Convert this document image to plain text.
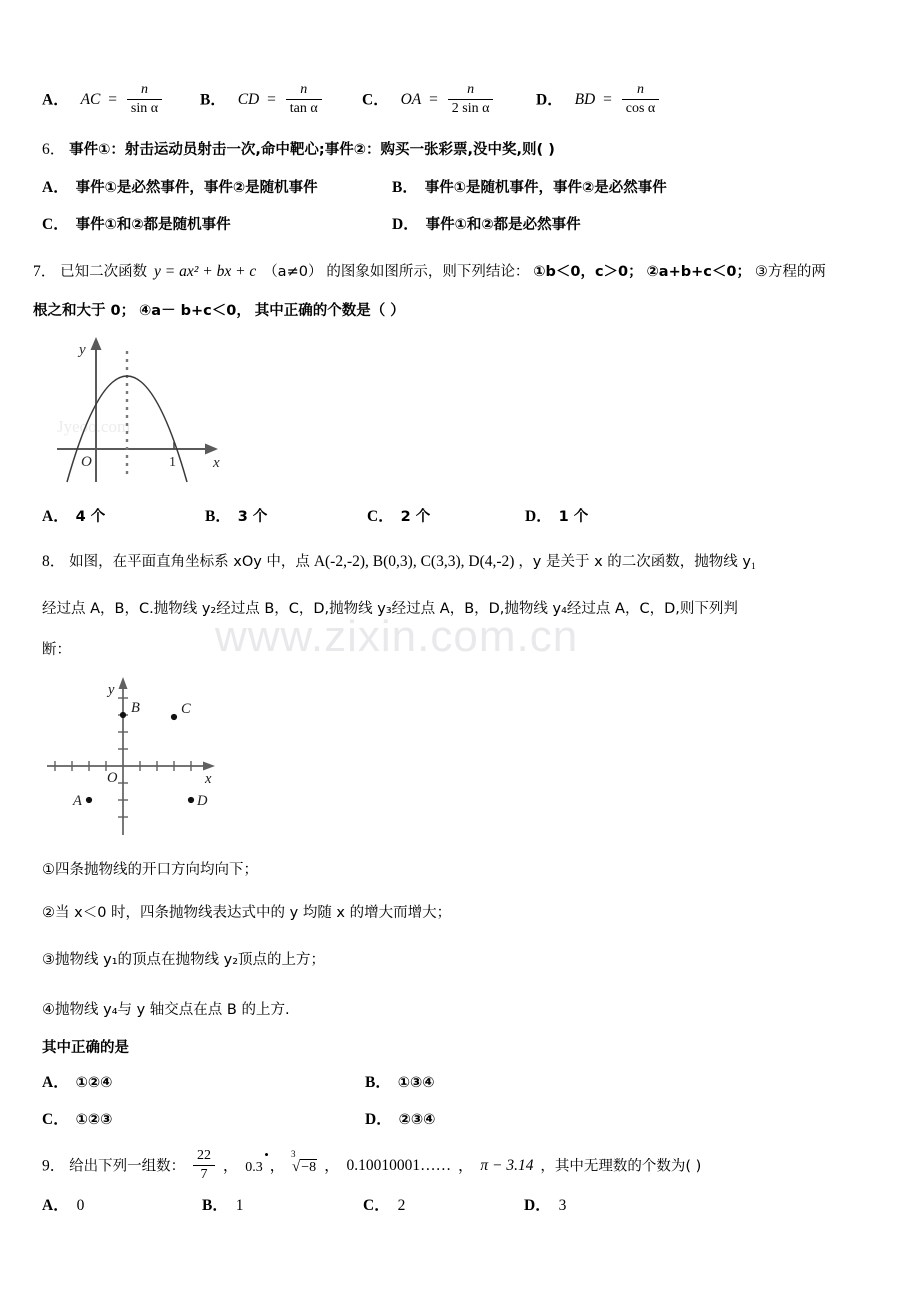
www.zixin.com.cn
Jyeoo.com
A． AC = $\frac{n}{\text{sin α}}$ B． CD = $\frac{n}{\text{tan α}}$	C． OA = $\frac{n}{\text{2 sin α}}$	D． BD = $\frac{n}{\text{cos α}}$
6． 事件①：射击运动员射击一次,命中靶心;事件②：购买一张彩票,没中奖,则( )
A． 事件①是必然事件，事件②是随机事件	B． 事件①是随机事件，事件②是必然事件
C． 事件①和②都是随机事件	D． 事件①和②都是必然事件
7． 已知二次函数 y = ax² + bx + c （a≠0） 的图象如图所示，则下列结论： ①b＜0，c＞0； ②a+b+c＜0； ③方程的两
根之和大于 0； ④a－ b+c＜0， 其中正确的个数是（ ）
y
x
O	1
A． 4 个	B． 3 个	C． 2 个	D． 1 个
8． 如图，在平面直角坐标系 xOy 中，点 A(-2,-2), B(0,3), C(3,3), D(4,-2) ，y 是关于 x 的二次函数，抛物线 $y_1$
经过点 A，B，C.抛物线 y₂经过点 B，C，D,抛物线 y₃经过点 A，B，D,抛物线 y₄经过点 A，C，D,则下列判
断：
B	C
A	D
y
x
O
①四条抛物线的开口方向均向下；
②当 x＜0 时，四条抛物线表达式中的 y 均随 x 的增大而增大；
③抛物线 y₁的顶点在抛物线 y₂顶点的上方；
④抛物线 y₄与 y 轴交点在点 B 的上方.
其中正确的是
A． ①②④	B． ①③④
C． ①②③	D． ②③④
9． 给出下列一组数： $\frac{22}{7}$ ，
•
0.3 ，
3
√−8 ， 0.10010001…… ， π − 3.14 ，其中无理数的个数为( )
A． 0	B． 1	C． 2	D． 3
